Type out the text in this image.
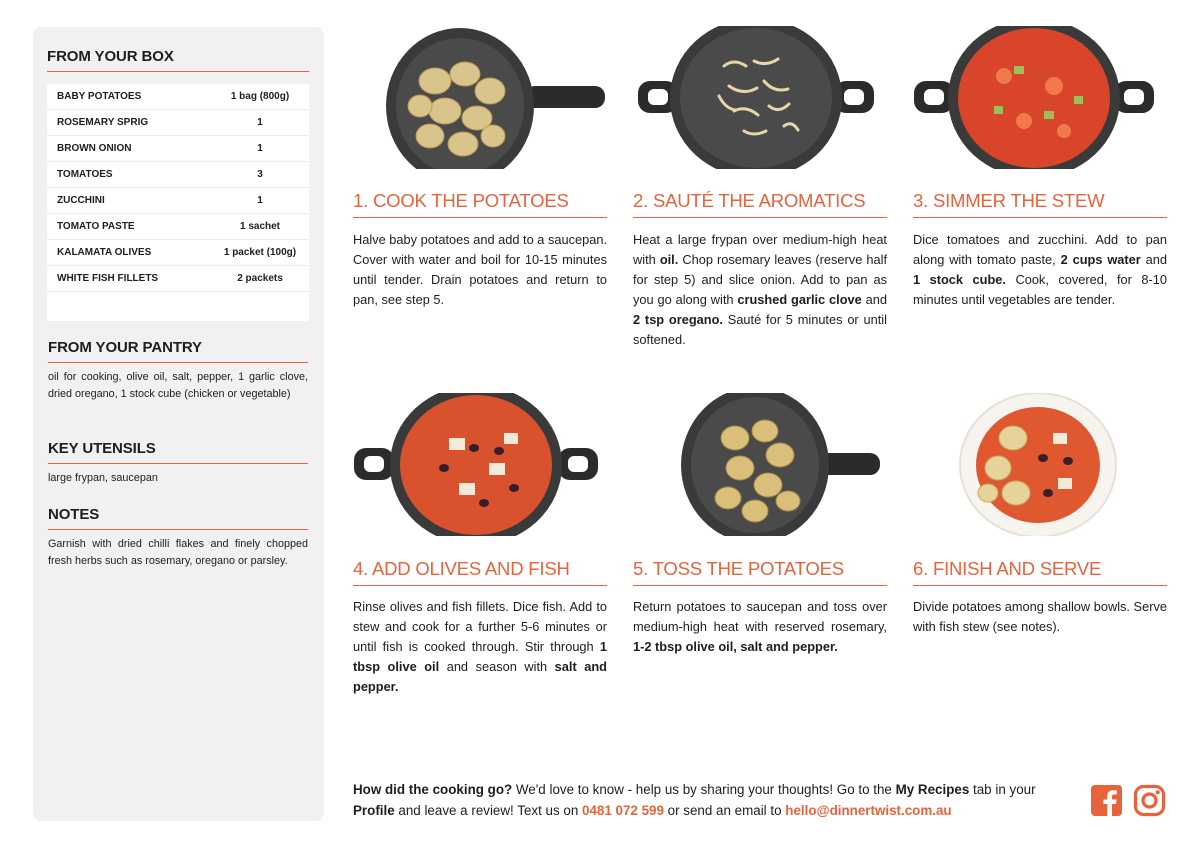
FROM YOUR BOX
BABY POTATOES	1 bag (800g)
ROSEMARY SPRIG	1
BROWN ONION	1
TOMATOES	3
ZUCCHINI	1
TOMATO PASTE	1 sachet
KALAMATA OLIVES	1 packet (100g)
WHITE FISH FILLETS	2 packets
FROM YOUR PANTRY
oil for cooking, olive oil, salt, pepper, 1 garlic clove, dried oregano, 1 stock cube (chicken or vegetable)
KEY UTENSILS
large frypan, saucepan
NOTES
Garnish with dried chilli flakes and finely chopped fresh herbs such as rosemary, oregano or parsley.
1. COOK THE POTATOES
Halve baby potatoes and add to a saucepan. Cover with water and boil for 10-15 minutes until tender. Drain potatoes and return to pan, see step 5.
2. SAUTÉ THE AROMATICS
Heat a large frypan over medium-high heat with oil. Chop rosemary leaves (reserve half for step 5) and slice onion. Add to pan as you go along with crushed garlic clove and 2 tsp oregano. Sauté for 5 minutes or until softened.
3. SIMMER THE STEW
Dice tomatoes and zucchini. Add to pan along with tomato paste, 2 cups water and 1 stock cube. Cook, covered, for 8-10 minutes until vegetables are tender.
4. ADD OLIVES AND FISH
Rinse olives and fish fillets. Dice fish. Add to stew and cook for a further 5-6 minutes or until fish is cooked through. Stir through 1 tbsp olive oil and season with salt and pepper.
5. TOSS THE POTATOES
Return potatoes to saucepan and toss over medium-high heat with reserved rosemary, 1-2 tbsp olive oil, salt and pepper.
6. FINISH AND SERVE
Divide potatoes among shallow bowls. Serve with fish stew (see notes).
How did the cooking go? We'd love to know - help us by sharing your thoughts! Go to the My Recipes tab in your Profile and leave a review! Text us on 0481 072 599 or send an email to hello@dinnertwist.com.au
